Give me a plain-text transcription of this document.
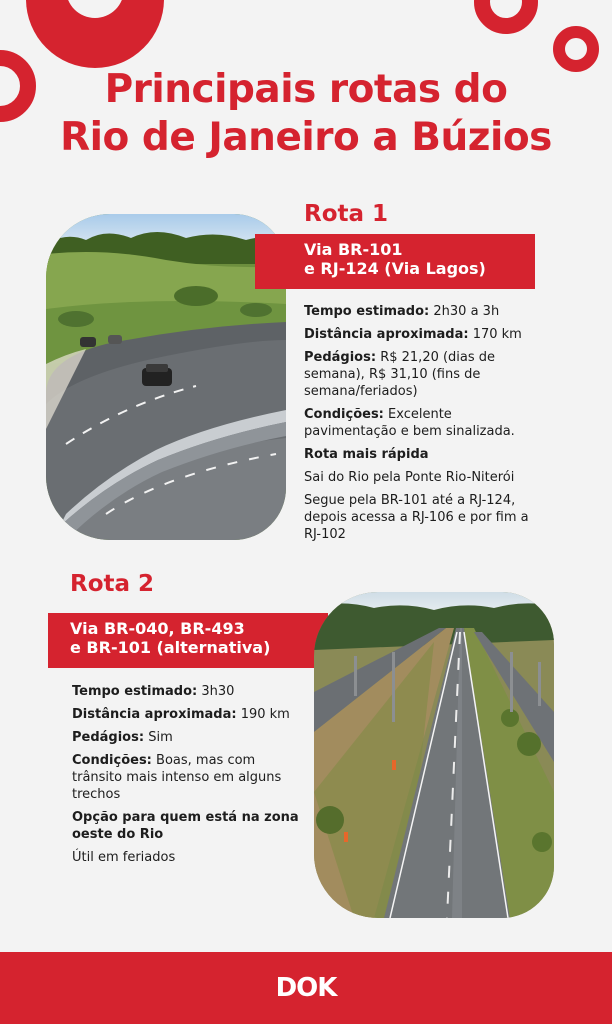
Principais rotas do
Rio de Janeiro a Búzios
Rota 1
Via BR-101
e RJ-124 (Via Lagos)

Tempo estimado: 2h30 a 3h

Distância aproximada: 170 km

Pedágios: R$ 21,20 (dias de semana), R$ 31,10 (fins de semana/feriados)

Condições: Excelente pavimentação e bem sinalizada.

Rota mais rápida

Sai do Rio pela Ponte Rio-Niterói

Segue pela BR-101 até a RJ-124, depois acessa a RJ-106 e por fim a RJ-102

Rota 2
Via BR-040, BR-493
e BR-101 (alternativa)

Tempo estimado: 3h30

Distância aproximada: 190 km

Pedágios: Sim

Condições: Boas, mas com trânsito mais intenso em alguns trechos

Opção para quem está na zona oeste do Rio

Útil em feriados

DOK
